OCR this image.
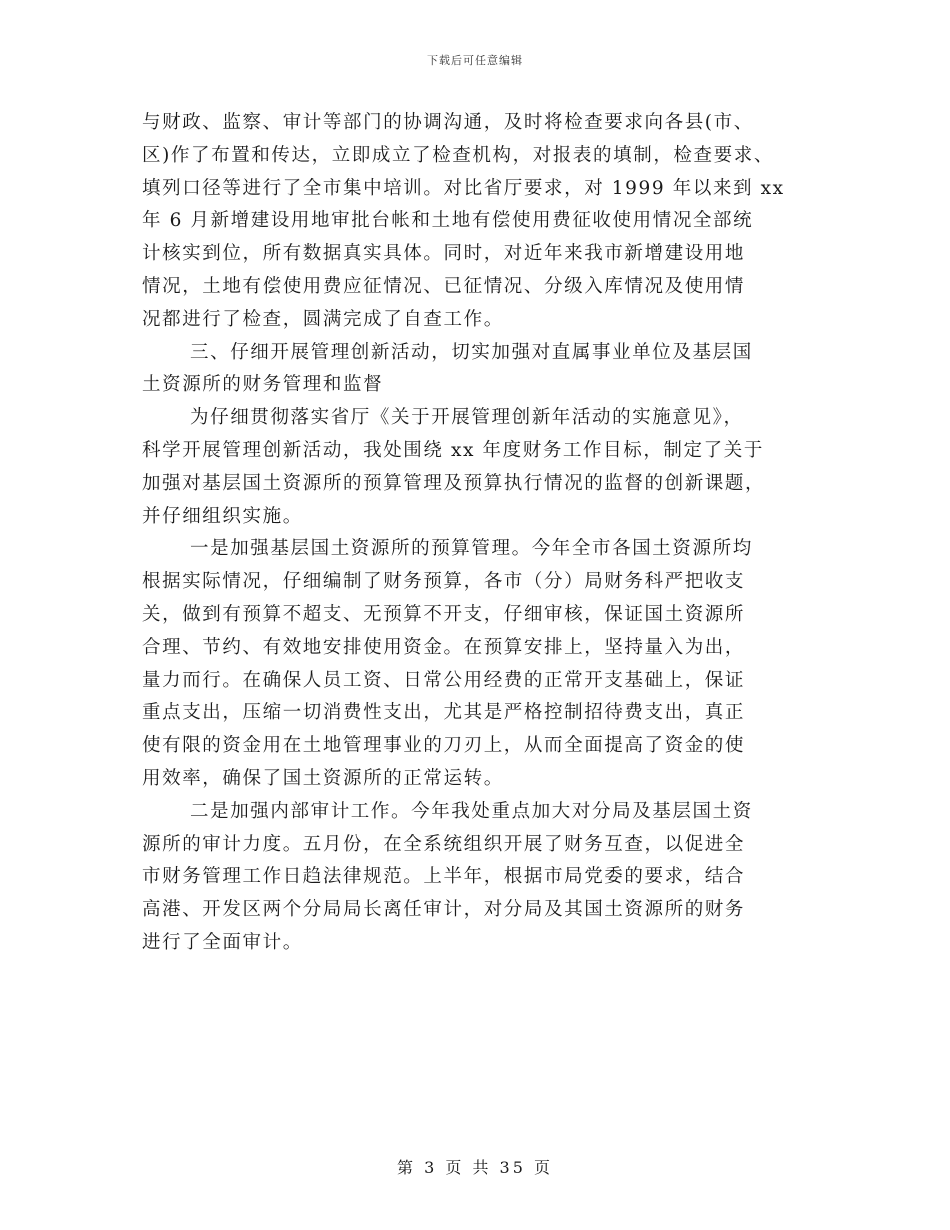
下载后可任意编辑
与财政、监察、审计等部门的协调沟通，及时将检查要求向各县(市、
区)作了布置和传达，立即成立了检查机构，对报表的填制，检查要求、
填列口径等进行了全市集中培训。对比省厅要求，对 1999 年以来到 xx
年 6 月新增建设用地审批台帐和土地有偿使用费征收使用情况全部统
计核实到位，所有数据真实具体。同时，对近年来我市新增建设用地
情况，土地有偿使用费应征情况、已征情况、分级入库情况及使用情
况都进行了检查，圆满完成了自查工作。
三、仔细开展管理创新活动，切实加强对直属事业单位及基层国
土资源所的财务管理和监督
为仔细贯彻落实省厅《关于开展管理创新年活动的实施意见》，
科学开展管理创新活动，我处围绕 xx 年度财务工作目标，制定了关于
加强对基层国土资源所的预算管理及预算执行情况的监督的创新课题，
并仔细组织实施。
一是加强基层国土资源所的预算管理。今年全市各国土资源所均
根据实际情况，仔细编制了财务预算，各市（分）局财务科严把收支
关，做到有预算不超支、无预算不开支，仔细审核，保证国土资源所
合理、节约、有效地安排使用资金。在预算安排上，坚持量入为出，
量力而行。在确保人员工资、日常公用经费的正常开支基础上，保证
重点支出，压缩一切消费性支出，尤其是严格控制招待费支出，真正
使有限的资金用在土地管理事业的刀刃上，从而全面提高了资金的使
用效率，确保了国土资源所的正常运转。
二是加强内部审计工作。今年我处重点加大对分局及基层国土资
源所的审计力度。五月份，在全系统组织开展了财务互查，以促进全
市财务管理工作日趋法律规范。上半年，根据市局党委的要求，结合
高港、开发区两个分局局长离任审计，对分局及其国土资源所的财务
进行了全面审计。
第 3 页 共 35 页
